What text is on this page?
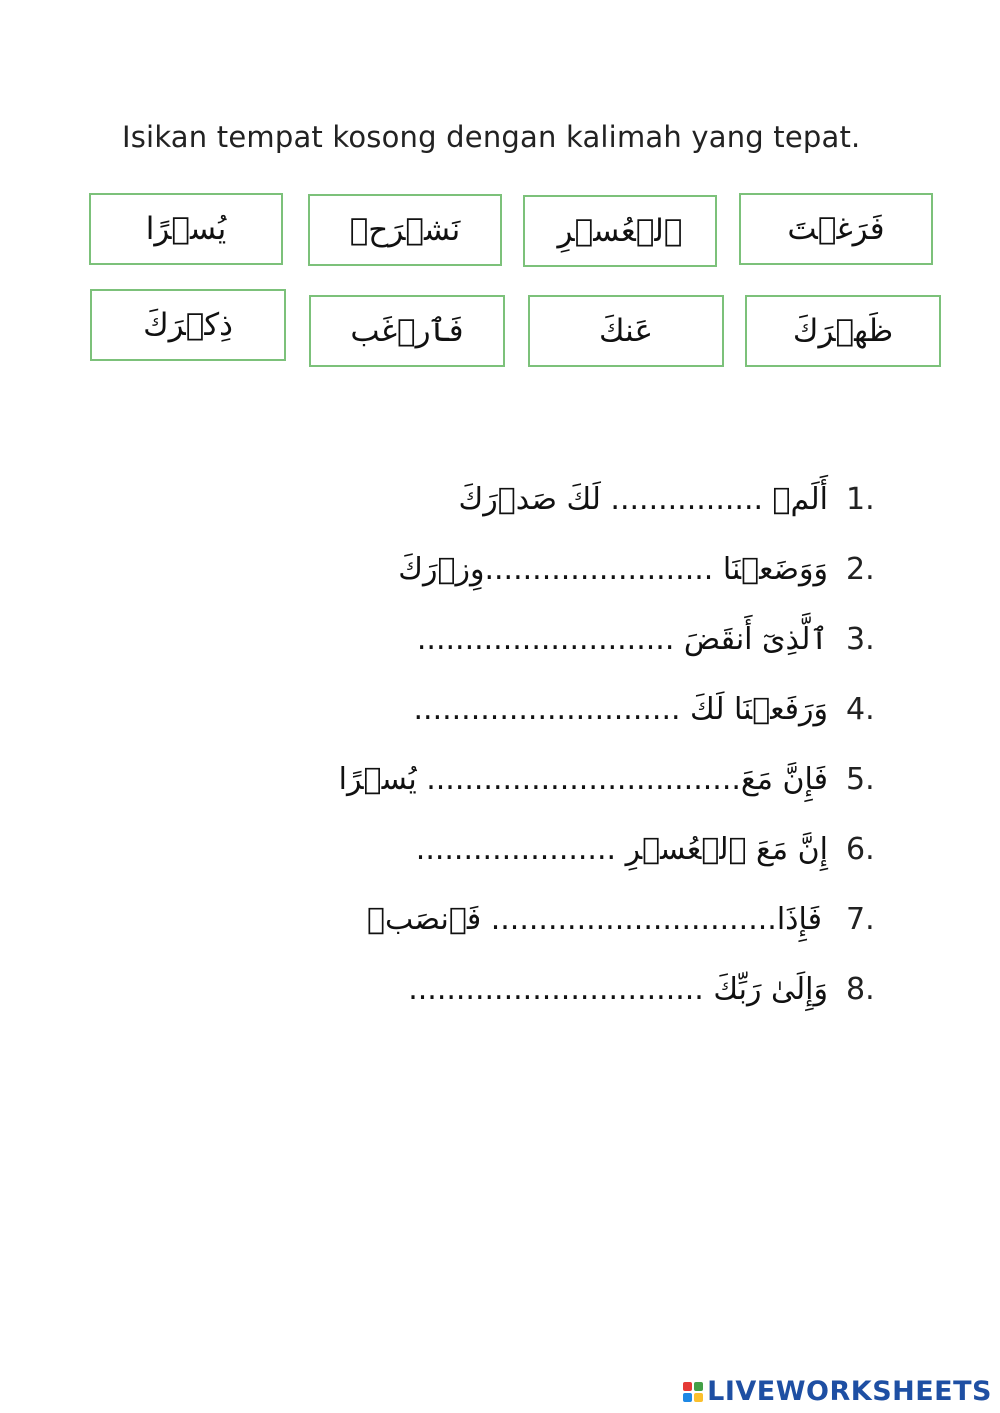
Isikan tempat kosong dengan kalimah yang tepat.
فَرَغۡتَ
ٱلۡعُسۡرِ
نَشۡرَحۡ
يُسۡرًا
ظَهۡرَكَ
عَنكَ
فَٱرۡغَب
ذِكۡرَكَ
1.
أَلَمۡ ................ لَكَ صَدۡرَكَ
2.
وَوَضَعۡنَا ........................وِزۡرَكَ
3.
ٱلَّذِىٓ أَنقَضَ ...........................
4.
وَرَفَعۡنَا لَكَ ............................
5.
فَإِنَّ مَعَ................................. يُسۡرًا
6.
إِنَّ مَعَ ٱلۡعُسۡرِ .....................
7.
فَإِذَا.............................. فَٱنصَبۡ
8.
وَإِلَىٰ رَبِّكَ ...............................
LIVEWORKSHEETS
